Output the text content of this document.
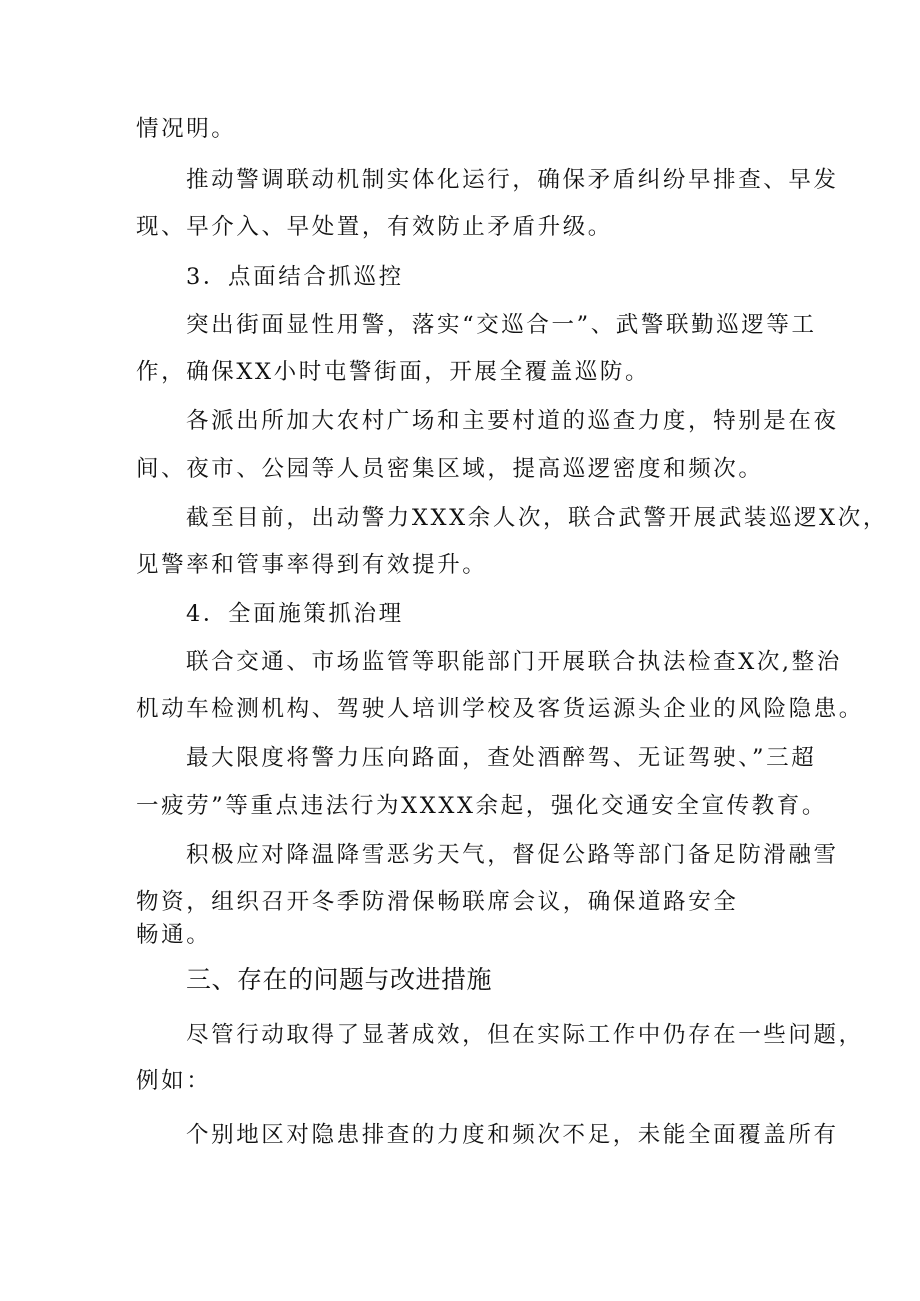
情况明。
推动警调联动机制实体化运行，确保矛盾纠纷早排查、早发
现、早介入、早处置，有效防止矛盾升级。
3．点面结合抓巡控
突出街面显性用警，落实“交巡合一”、武警联勤巡逻等工
作，确保XX小时屯警街面，开展全覆盖巡防。
各派出所加大农村广场和主要村道的巡查力度，特别是在夜
间、夜市、公园等人员密集区域，提高巡逻密度和频次。
截至目前，出动警力XXX余人次，联合武警开展武装巡逻X次，
见警率和管事率得到有效提升。
4．全面施策抓治理
联合交通、市场监管等职能部门开展联合执法检查X次,整治
机动车检测机构、驾驶人培训学校及客货运源头企业的风险隐患。
最大限度将警力压向路面，查处酒醉驾、无证驾驶、”三超
一疲劳”等重点违法行为XXXX余起，强化交通安全宣传教育。
积极应对降温降雪恶劣天气，督促公路等部门备足防滑融雪
物资，组织召开冬季防滑保畅联席会议，确保道路安全
畅通。
三、存在的问题与改进措施
尽管行动取得了显著成效，但在实际工作中仍存在一些问题，
例如：
个别地区对隐患排查的力度和频次不足，未能全面覆盖所有
